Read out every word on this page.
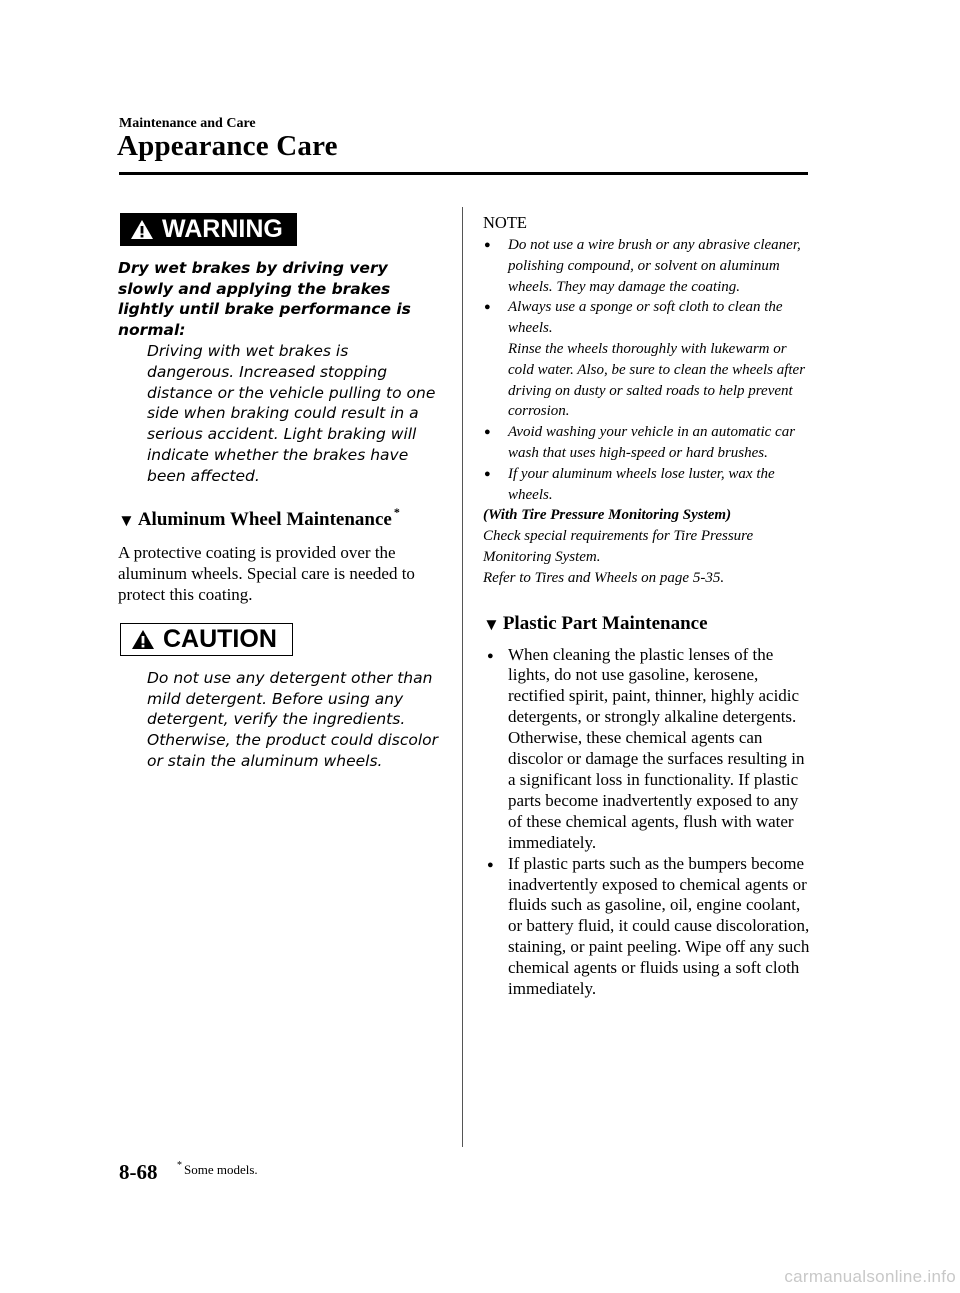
Maintenance and Care
Appearance Care
WARNING
Dry wet brakes by driving very slowly and applying the brakes lightly until brake performance is normal:
Driving with wet brakes is dangerous. Increased stopping distance or the vehicle pulling to one side when braking could result in a serious accident. Light braking will indicate whether the brakes have been affected.
▼ Aluminum Wheel Maintenance *
A protective coating is provided over the aluminum wheels. Special care is needed to protect this coating.
CAUTION
Do not use any detergent other than mild detergent. Before using any detergent, verify the ingredients. Otherwise, the product could discolor or stain the aluminum wheels.
NOTE
● Do not use a wire brush or any abrasive cleaner, polishing compound, or solvent on aluminum wheels. They may damage the coating.
● Always use a sponge or soft cloth to clean the wheels.
Rinse the wheels thoroughly with lukewarm or cold water. Also, be sure to clean the wheels after driving on dusty or salted roads to help prevent corrosion.
● Avoid washing your vehicle in an automatic car wash that uses high-speed or hard brushes.
● If your aluminum wheels lose luster, wax the wheels.
(With Tire Pressure Monitoring System)
Check special requirements for Tire Pressure Monitoring System.
Refer to Tires and Wheels on page 5-35.
▼ Plastic Part Maintenance
● When cleaning the plastic lenses of the lights, do not use gasoline, kerosene, rectified spirit, paint, thinner, highly acidic detergents, or strongly alkaline detergents. Otherwise, these chemical agents can discolor or damage the surfaces resulting in a significant loss in functionality. If plastic parts become inadvertently exposed to any of these chemical agents, flush with water immediately.
● If plastic parts such as the bumpers become inadvertently exposed to chemical agents or fluids such as gasoline, oil, engine coolant, or battery fluid, it could cause discoloration, staining, or paint peeling. Wipe off any such chemical agents or fluids using a soft cloth immediately.
8-68 * Some models.
carmanualsonline.info
